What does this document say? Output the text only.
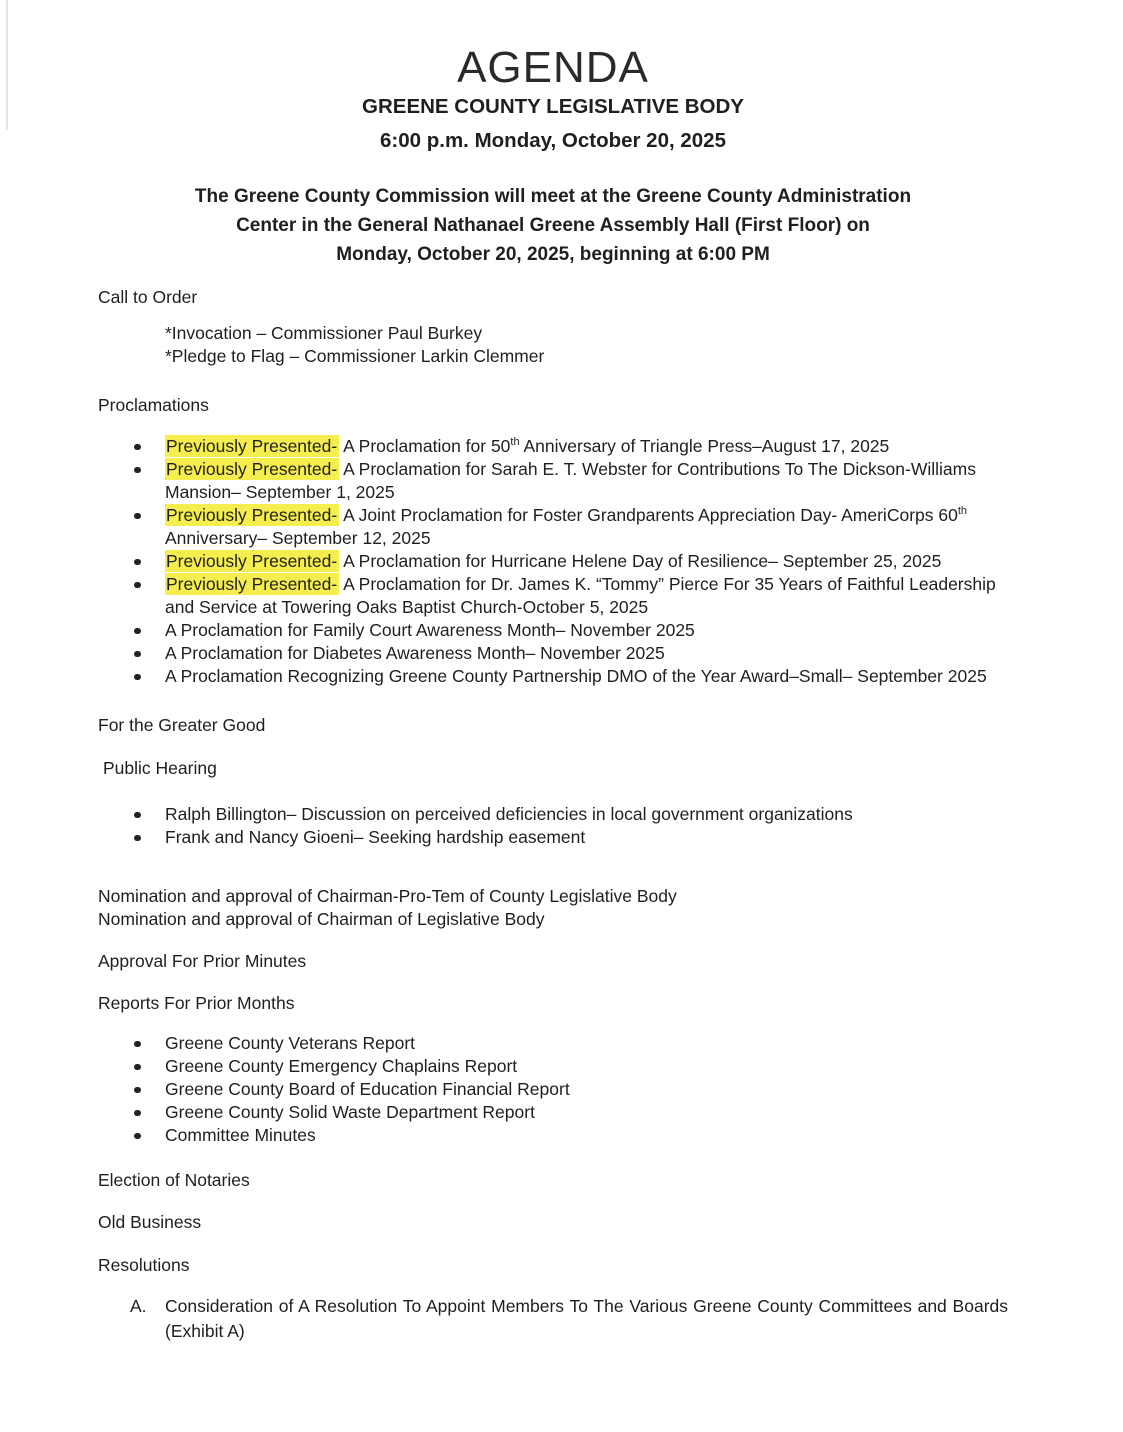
AGENDA
GREENE COUNTY LEGISLATIVE BODY
6:00 p.m. Monday, October 20, 2025

The Greene County Commission will meet at the Greene County Administration
Center in the General Nathanael Greene Assembly Hall (First Floor) on
Monday, October 20, 2025, beginning at 6:00 PM

Call to Order
*Invocation – Commissioner Paul Burkey
*Pledge to Flag – Commissioner Larkin Clemmer
Proclamations
Previously Presented- A Proclamation for 50th Anniversary of Triangle Press–August 17, 2025
Previously Presented- A Proclamation for Sarah E. T. Webster for Contributions To The Dickson-Williams Mansion– September 1, 2025
Previously Presented- A Joint Proclamation for Foster Grandparents Appreciation Day- AmeriCorps 60th Anniversary– September 12, 2025
Previously Presented- A Proclamation for Hurricane Helene Day of Resilience– September 25, 2025
Previously Presented- A Proclamation for Dr. James K. “Tommy” Pierce For 35 Years of Faithful Leadership and Service at Towering Oaks Baptist Church-October 5, 2025
A Proclamation for Family Court Awareness Month– November 2025
A Proclamation for Diabetes Awareness Month– November 2025
A Proclamation Recognizing Greene County Partnership DMO of the Year Award–Small– September 2025
For the Greater Good
Public Hearing
Ralph Billington– Discussion on perceived deficiencies in local government organizations
Frank and Nancy Gioeni– Seeking hardship easement
Nomination and approval of Chairman-Pro-Tem of County Legislative Body
Nomination and approval of Chairman of Legislative Body
Approval For Prior Minutes
Reports For Prior Months
Greene County Veterans Report
Greene County Emergency Chaplains Report
Greene County Board of Education Financial Report
Greene County Solid Waste Department Report
Committee Minutes
Election of Notaries
Old Business
Resolutions
A. Consideration of A Resolution To Appoint Members To The Various Greene County Committees and Boards (Exhibit A)
